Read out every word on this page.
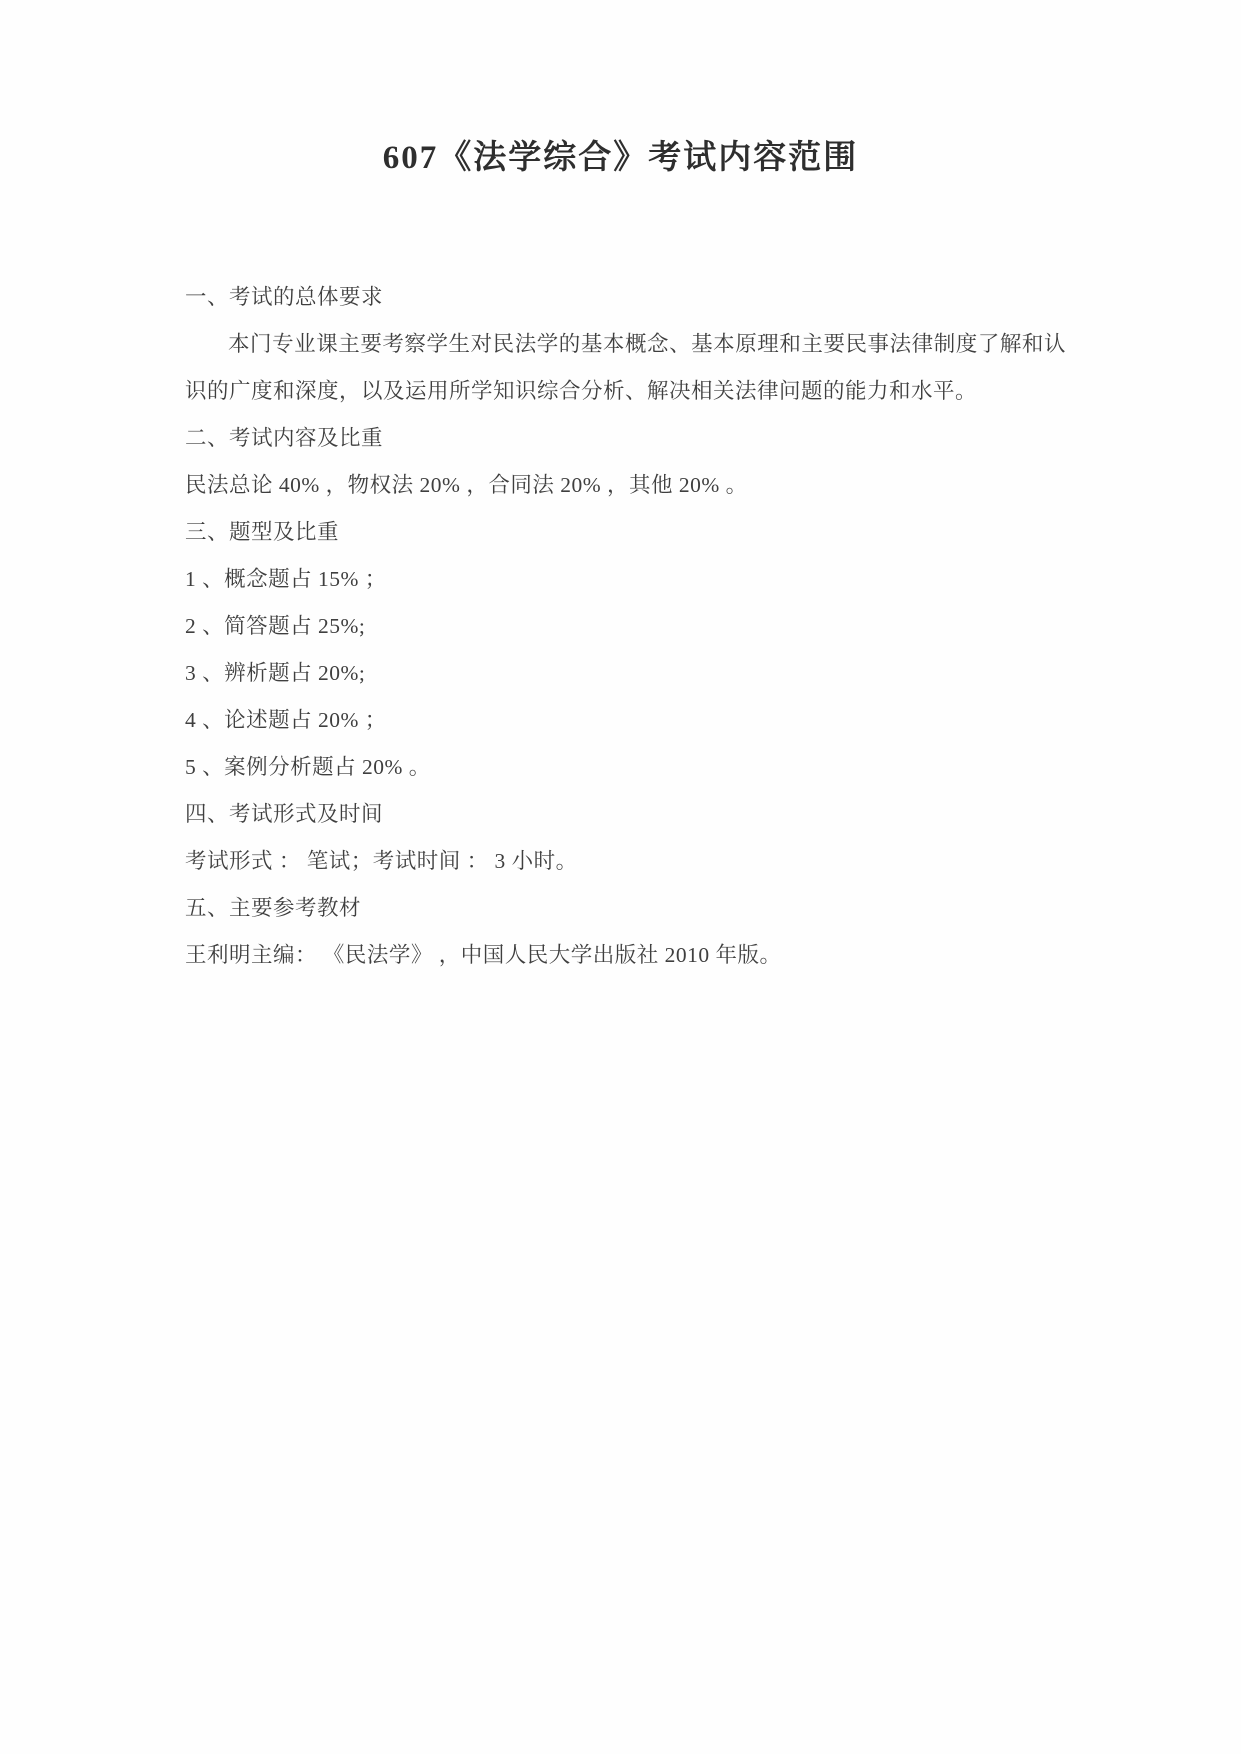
607《法学综合》考试内容范围

一、考试的总体要求

本门专业课主要考察学生对民法学的基本概念、基本原理和主要民事法律制度了解和认识的广度和深度，以及运用所学知识综合分析、解决相关法律问题的能力和水平。

二、考试内容及比重

民法总论 40% ，物权法 20% ，合同法 20% ，其他 20% 。

三、题型及比重

1 、概念题占 15% ；

2 、简答题占 25%;

3 、辨析题占 20%;

4 、论述题占 20% ；

5 、案例分析题占 20% 。

四、考试形式及时间

考试形式 ： 笔试；考试时间 ： 3 小时。

五、主要参考教材

王利明主编： 《民法学》 ，中国人民大学出版社 2010 年版。
